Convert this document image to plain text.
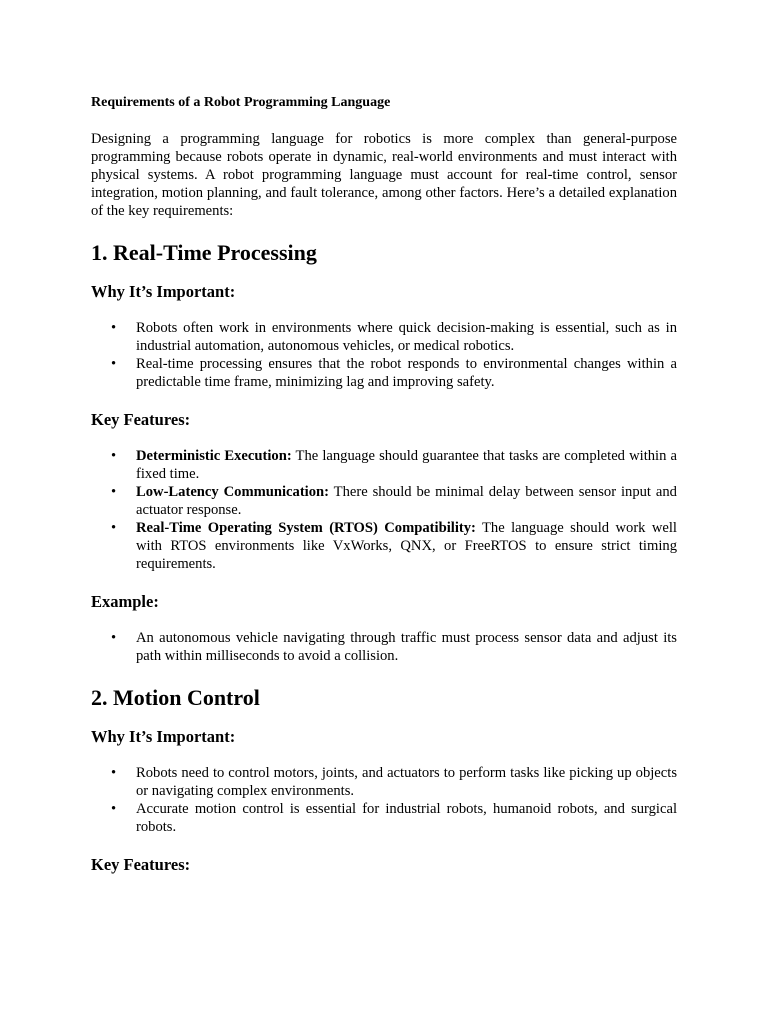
Requirements of a Robot Programming Language

Designing a programming language for robotics is more complex than general-purpose programming because robots operate in dynamic, real-world environments and must interact with physical systems. A robot programming language must account for real-time control, sensor integration, motion planning, and fault tolerance, among other factors. Here’s a detailed explanation of the key requirements:

1. Real-Time Processing
Why It’s Important:
• Robots often work in environments where quick decision-making is essential, such as in industrial automation, autonomous vehicles, or medical robotics.
• Real-time processing ensures that the robot responds to environmental changes within a predictable time frame, minimizing lag and improving safety.
Key Features:
• Deterministic Execution: The language should guarantee that tasks are completed within a fixed time.
• Low-Latency Communication: There should be minimal delay between sensor input and actuator response.
• Real-Time Operating System (RTOS) Compatibility: The language should work well with RTOS environments like VxWorks, QNX, or FreeRTOS to ensure strict timing requirements.
Example:
• An autonomous vehicle navigating through traffic must process sensor data and adjust its path within milliseconds to avoid a collision.
2. Motion Control
Why It’s Important:
• Robots need to control motors, joints, and actuators to perform tasks like picking up objects or navigating complex environments.
• Accurate motion control is essential for industrial robots, humanoid robots, and surgical robots.
Key Features:
